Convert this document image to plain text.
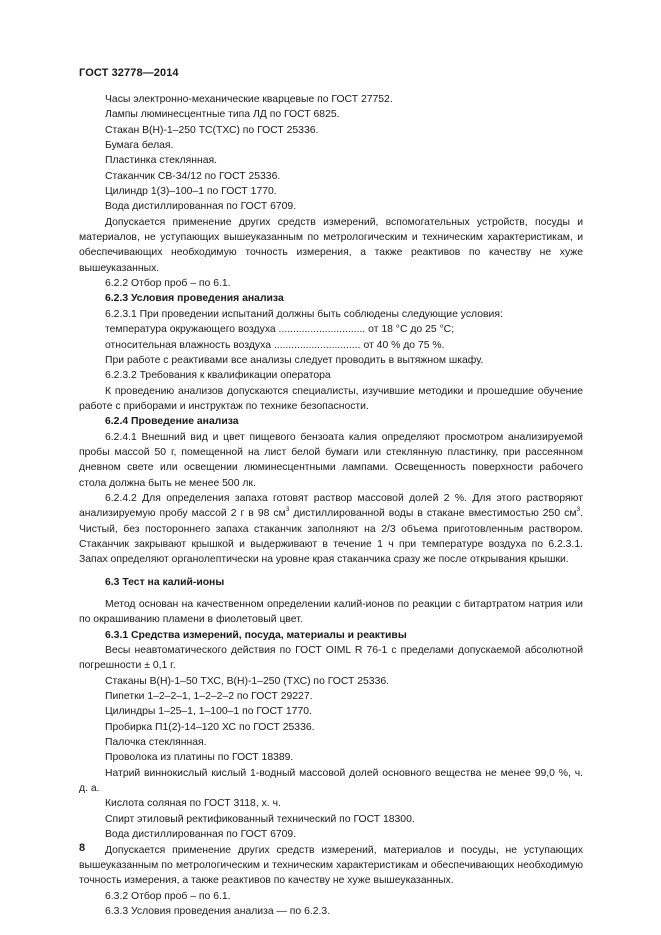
ГОСТ 32778—2014

Часы электронно-механические кварцевые по ГОСТ 27752.

Лампы люминесцентные типа ЛД по ГОСТ 6825.

Стакан В(Н)-1–250 ТС(ТХС) по ГОСТ 25336.

Бумага белая.

Пластинка стеклянная.

Стаканчик СВ-34/12 по ГОСТ 25336.

Цилиндр 1(3)–100–1 по ГОСТ 1770.

Вода дистиллированная по ГОСТ 6709.

Допускается применение других средств измерений, вспомогательных устройств, посуды и материалов, не уступающих вышеуказанным по метрологическим и техническим характеристикам, и обеспечивающих необходимую точность измерения, а также реактивов по качеству не хуже вышеуказанных.

6.2.2 Отбор проб – по 6.1.

6.2.3 Условия проведения анализа

6.2.3.1 При проведении испытаний должны быть соблюдены следующие условия:

температура окружающего воздуха .............................. от 18 °С до 25 °С;
относительная влажность воздуха .............................. от 40 % до 75 %.

При работе с реактивами все анализы следует проводить в вытяжном шкафу.

6.2.3.2 Требования к квалификации оператора

К проведению анализов допускаются специалисты, изучившие методики и прошедшие обучение работе с приборами и инструктаж по технике безопасности.

6.2.4 Проведение анализа

6.2.4.1 Внешний вид и цвет пищевого бензоата калия определяют просмотром анализируемой пробы массой 50 г, помещенной на лист белой бумаги или стеклянную пластинку, при рассеянном дневном свете или освещении люминесцентными лампами. Освещенность поверхности рабочего стола должна быть не менее 500 лк.

6.2.4.2 Для определения запаха готовят раствор массовой долей 2 %. Для этого растворяют анализируемую пробу массой 2 г в 98 $см^3$ дистиллированной воды в стакане вместимостью 250 $см^3$. Чистый, без постороннего запаха стаканчик заполняют на 2/3 объема приготовленным раствором. Стаканчик закрывают крышкой и выдерживают в течение 1 ч при температуре воздуха по 6.2.3.1. Запах определяют органолептически на уровне края стаканчика сразу же после открывания крышки.

6.3 Тест на калий-ионы

Метод основан на качественном определении калий-ионов по реакции с битартратом натрия или по окрашиванию пламени в фиолетовый цвет.

6.3.1 Средства измерений, посуда, материалы и реактивы

Весы неавтоматического действия по ГОСТ OIML R 76-1 с пределами допускаемой абсолютной погрешности ± 0,1 г.

Стаканы В(Н)-1–50 ТХС, В(Н)-1–250 (ТХС) по ГОСТ 25336.

Пипетки 1–2–2–1, 1–2–2–2 по ГОСТ 29227.

Цилиндры 1–25–1, 1–100–1 по ГОСТ 1770.

Пробирка П1(2)-14–120 ХС по ГОСТ 25336.

Палочка стеклянная.

Проволока из платины по ГОСТ 18389.

Натрий виннокислый кислый 1-водный массовой долей основного вещества не менее 99,0 %, ч. д. а.

Кислота соляная по ГОСТ 3118, х. ч.

Спирт этиловый ректификованный технический по ГОСТ 18300.

Вода дистиллированная по ГОСТ 6709.

Допускается применение других средств измерений, материалов и посуды, не уступающих вышеуказанным по метрологическим и техническим характеристикам и обеспечивающих необходимую точность измерения, а также реактивов по качеству не хуже вышеуказанных.

6.3.2 Отбор проб – по 6.1.

6.3.3 Условия проведения анализа — по 6.2.3.

8
